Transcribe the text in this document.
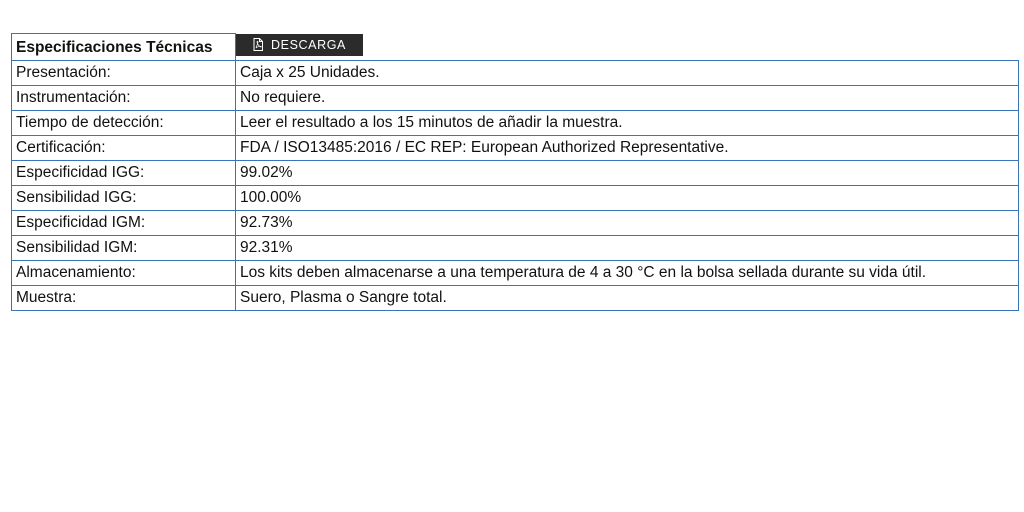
Especificaciones Técnicas	DESCARGA

Presentación:	Caja x 25 Unidades.
Instrumentación:	No requiere.
Tiempo de detección:	Leer el resultado a los 15 minutos de añadir la muestra.
Certificación:	FDA / ISO13485:2016 / EC REP: European Authorized Representative.
Especificidad IGG:	99.02%
Sensibilidad IGG:	100.00%
Especificidad IGM:	92.73%
Sensibilidad IGM:	92.31%
Almacenamiento:	Los kits deben almacenarse a una temperatura de 4 a 30 °C en la bolsa sellada durante su vida útil.
Muestra:	Suero, Plasma o Sangre total.
